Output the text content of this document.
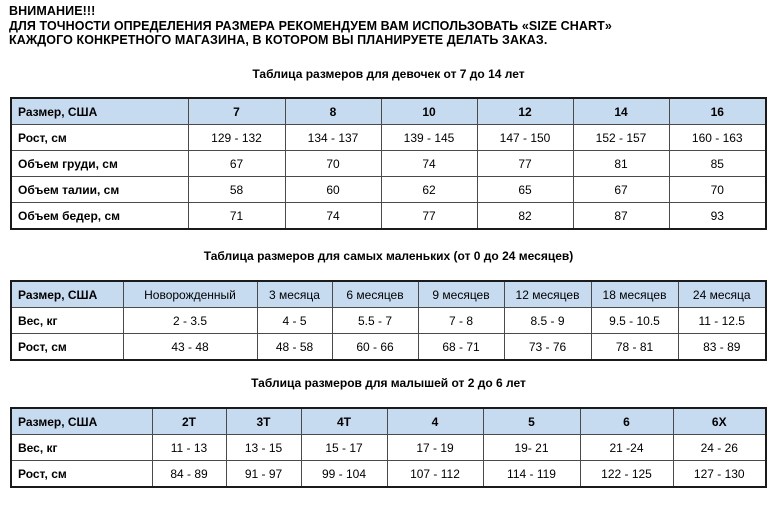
ВНИМАНИЕ!!!
ДЛЯ ТОЧНОСТИ ОПРЕДЕЛЕНИЯ РАЗМЕРА РЕКОМЕНДУЕМ ВАМ ИСПОЛЬЗОВАТЬ «SIZE CHART»
КАЖДОГО КОНКРЕТНОГО МАГАЗИНА, В КОТОРОМ ВЫ ПЛАНИРУЕТЕ ДЕЛАТЬ ЗАКАЗ.
Таблица размеров для девочек от 7 до 14 лет
Размер, США	7	8	10	12	14	16
Рост, см	129 - 132	134 - 137	139 - 145	147 - 150	152 - 157	160 - 163
Объем груди, см	67	70	74	77	81	85
Объем талии, см	58	60	62	65	67	70
Объем бедер, см	71	74	77	82	87	93
Таблица размеров для самых маленьких (от 0 до 24 месяцев)
Размер, США	Новорожденный	3 месяца	6 месяцев	9 месяцев	12 месяцев	18 месяцев	24 месяца
Вес, кг	2 - 3.5	4 - 5	5.5 - 7	7 - 8	8.5 - 9	9.5 - 10.5	11 - 12.5
Рост, см	43 - 48	48 - 58	60 - 66	68 - 71	73 - 76	78 - 81	83 - 89
Таблица размеров для малышей от 2 до 6 лет
Размер, США	2T	3T	4T	4	5	6	6X
Вес, кг	11 - 13	13 - 15	15 - 17	17 - 19	19- 21	21 -24	24 - 26
Рост, см	84 - 89	91 - 97	99 - 104	107 - 112	114 - 119	122 - 125	127 - 130
